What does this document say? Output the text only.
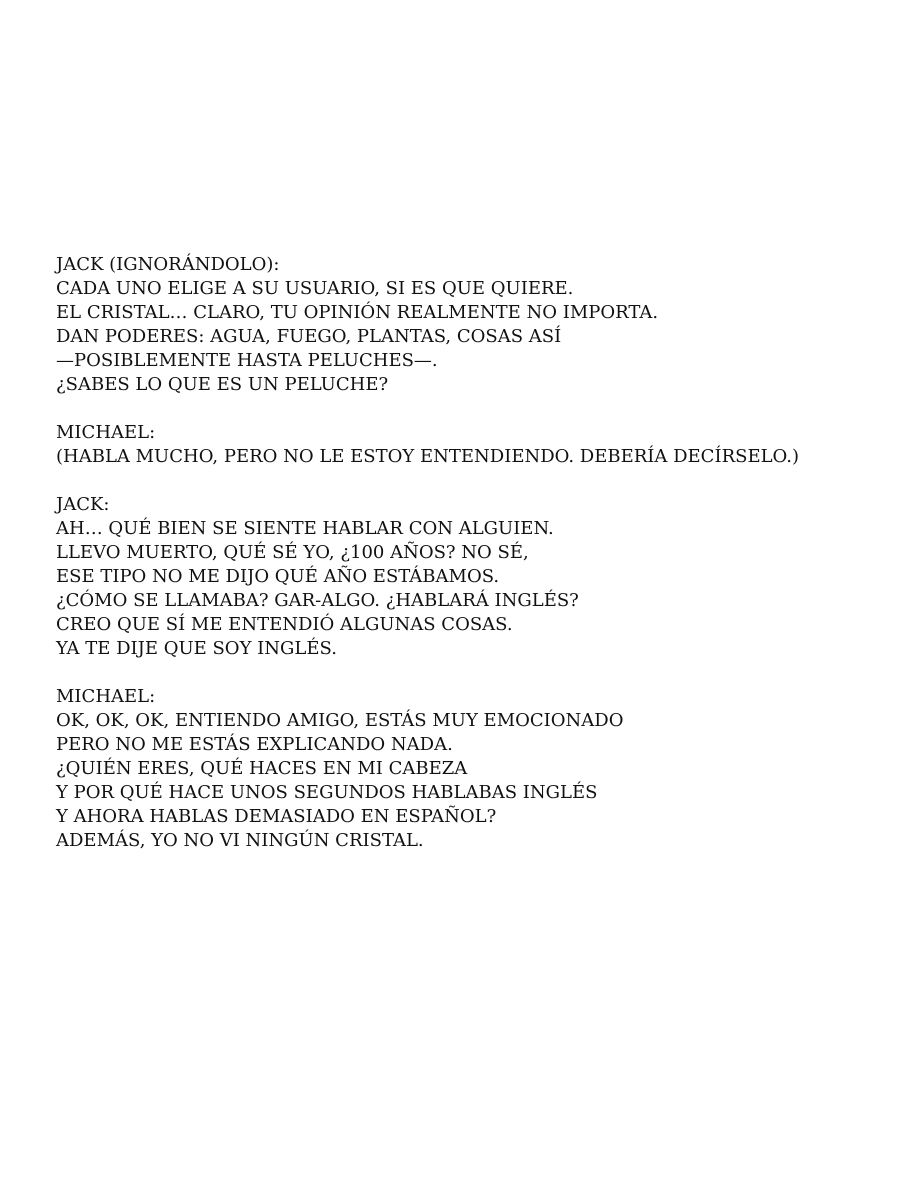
JACK (IGNORÁNDOLO):
CADA UNO ELIGE A SU USUARIO, SI ES QUE QUIERE.
EL CRISTAL… CLARO, TU OPINIÓN REALMENTE NO IMPORTA.
DAN PODERES: AGUA, FUEGO, PLANTAS, COSAS ASÍ
—POSIBLEMENTE HASTA PELUCHES—.
¿SABES LO QUE ES UN PELUCHE?
MICHAEL:
(HABLA MUCHO, PERO NO LE ESTOY ENTENDIENDO. DEBERÍA DECÍRSELO.)
JACK:
AH… QUÉ BIEN SE SIENTE HABLAR CON ALGUIEN.
LLEVO MUERTO, QUÉ SÉ YO, ¿100 AÑOS? NO SÉ,
ESE TIPO NO ME DIJO QUÉ AÑO ESTÁBAMOS.
¿CÓMO SE LLAMABA? GAR-ALGO. ¿HABLARÁ INGLÉS?
CREO QUE SÍ ME ENTENDIÓ ALGUNAS COSAS.
YA TE DIJE QUE SOY INGLÉS.
MICHAEL:
OK, OK, OK, ENTIENDO AMIGO, ESTÁS MUY EMOCIONADO
PERO NO ME ESTÁS EXPLICANDO NADA.
¿QUIÉN ERES, QUÉ HACES EN MI CABEZA
Y POR QUÉ HACE UNOS SEGUNDOS HABLABAS INGLÉS
Y AHORA HABLAS DEMASIADO EN ESPAÑOL?
ADEMÁS, YO NO VI NINGÚN CRISTAL.
